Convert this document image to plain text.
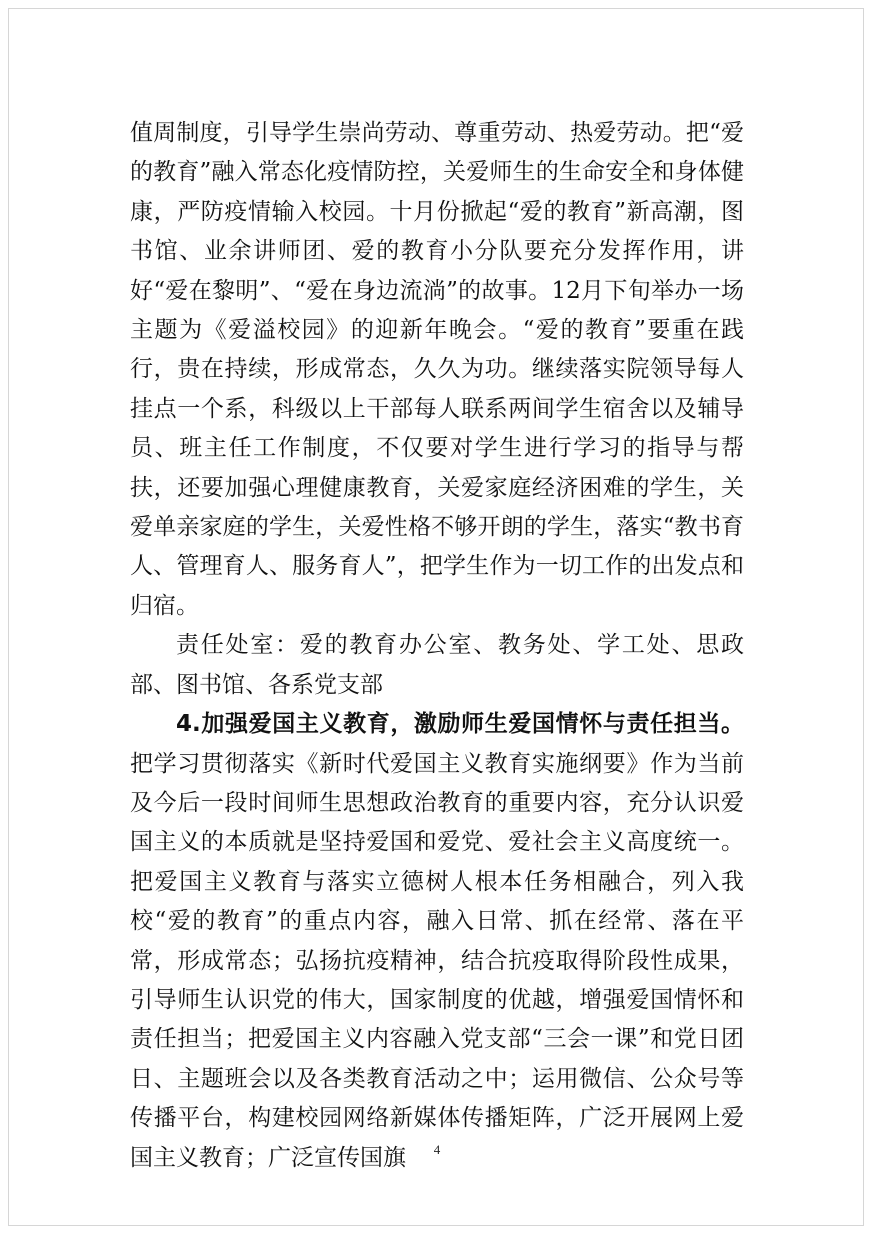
值周制度，引导学生崇尚劳动、尊重劳动、热爱劳动。把“爱的教育”融入常态化疫情防控，关爱师生的生命安全和身体健康，严防疫情输入校园。十月份掀起“爱的教育”新高潮，图书馆、业余讲师团、爱的教育小分队要充分发挥作用，讲好“爱在黎明”、“爱在身边流淌”的故事。12月下旬举办一场主题为《爱溢校园》的迎新年晚会。“爱的教育”要重在践行，贵在持续，形成常态，久久为功。继续落实院领导每人挂点一个系，科级以上干部每人联系两间学生宿舍以及辅导员、班主任工作制度，不仅要对学生进行学习的指导与帮扶，还要加强心理健康教育，关爱家庭经济困难的学生，关爱单亲家庭的学生，关爱性格不够开朗的学生，落实“教书育人、管理育人、服务育人”，把学生作为一切工作的出发点和归宿。

责任处室：爱的教育办公室、教务处、学工处、思政部、图书馆、各系党支部

4.加强爱国主义教育，激励师生爱国情怀与责任担当。把学习贯彻落实《新时代爱国主义教育实施纲要》作为当前及今后一段时间师生思想政治教育的重要内容，充分认识爱国主义的本质就是坚持爱国和爱党、爱社会主义高度统一。把爱国主义教育与落实立德树人根本任务相融合，列入我校“爱的教育”的重点内容，融入日常、抓在经常、落在平常，形成常态；弘扬抗疫精神，结合抗疫取得阶段性成果，引导师生认识党的伟大，国家制度的优越，增强爱国情怀和责任担当；把爱国主义内容融入党支部“三会一课”和党日团日、主题班会以及各类教育活动之中；运用微信、公众号等传播平台，构建校园网络新媒体传播矩阵，广泛开展网上爱国主义教育；广泛宣传国旗	4
